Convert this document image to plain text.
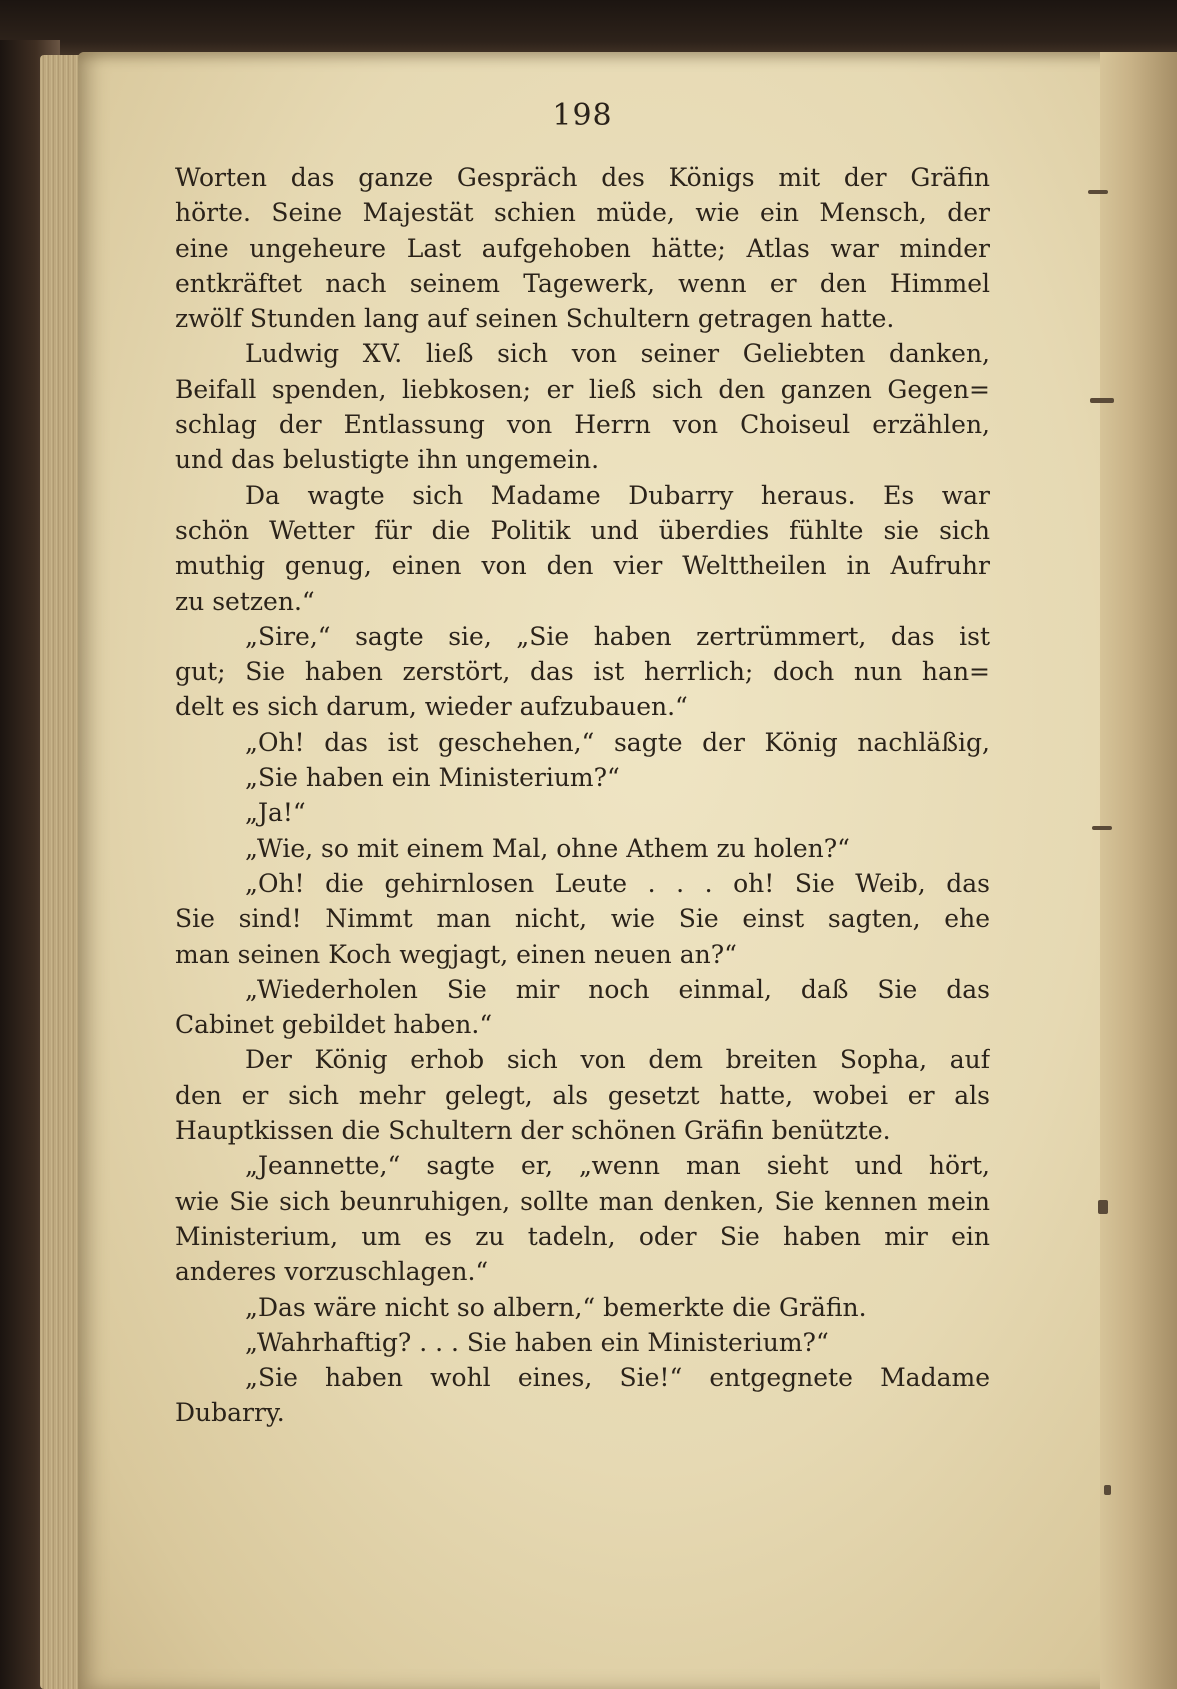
198
Worten das ganze Gespräch des Königs mit der Gräfin
hörte. Seine Majestät schien müde, wie ein Mensch, der
eine ungeheure Last aufgehoben hätte; Atlas war minder
entkräftet nach seinem Tagewerk, wenn er den Himmel
zwölf Stunden lang auf seinen Schultern getragen hatte.
Ludwig XV. ließ sich von seiner Geliebten danken,
Beifall spenden, liebkosen; er ließ sich den ganzen Gegen=
schlag der Entlassung von Herrn von Choiseul erzählen,
und das belustigte ihn ungemein.
Da wagte sich Madame Dubarry heraus. Es war
schön Wetter für die Politik und überdies fühlte sie sich
muthig genug, einen von den vier Welttheilen in Aufruhr
zu setzen.“
„Sire,“ sagte sie, „Sie haben zertrümmert, das ist
gut; Sie haben zerstört, das ist herrlich; doch nun han=
delt es sich darum, wieder aufzubauen.“
„Oh! das ist geschehen,“ sagte der König nachläßig,
„Sie haben ein Ministerium?“
„Ja!“
„Wie, so mit einem Mal, ohne Athem zu holen?“
„Oh! die gehirnlosen Leute . . . oh! Sie Weib, das
Sie sind! Nimmt man nicht, wie Sie einst sagten, ehe
man seinen Koch wegjagt, einen neuen an?“
„Wiederholen Sie mir noch einmal, daß Sie das
Cabinet gebildet haben.“
Der König erhob sich von dem breiten Sopha, auf
den er sich mehr gelegt, als gesetzt hatte, wobei er als
Hauptkissen die Schultern der schönen Gräfin benützte.
„Jeannette,“ sagte er, „wenn man sieht und hört,
wie Sie sich beunruhigen, sollte man denken, Sie kennen mein
Ministerium, um es zu tadeln, oder Sie haben mir ein
anderes vorzuschlagen.“
„Das wäre nicht so albern,“ bemerkte die Gräfin.
„Wahrhaftig? . . . Sie haben ein Ministerium?“
„Sie haben wohl eines, Sie!“ entgegnete Madame
Dubarry.
